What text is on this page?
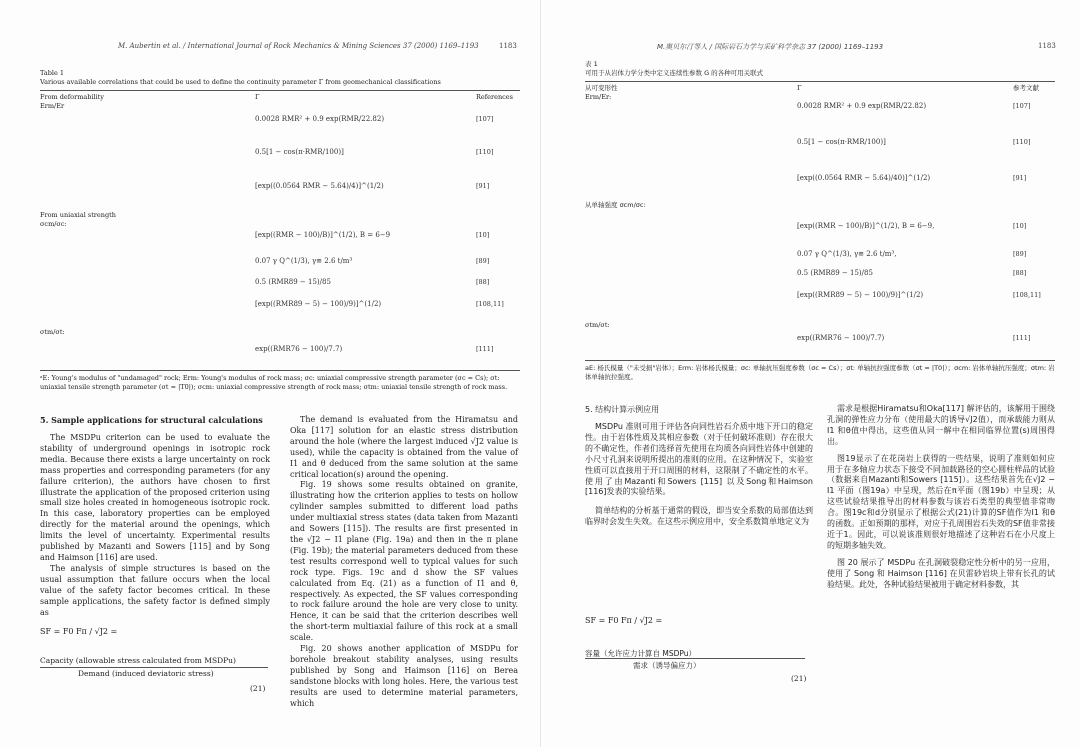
M. Aubertin et al. / International Journal of Rock Mechanics & Mining Sciences 37 (2000) 1169–1193	1183
Table 1
Various available correlations that could be used to define the continuity parameter Γ from geomechanical classifications
From deformability	Γ	References
Erm/Er
0.0028 RMR² + 0.9 exp(RMR/22.82)	[107]
0.5[1 − cos(π·RMR/100)]	[110]
[exp((0.0564 RMR − 5.64)/4)]^(1/2)	[91]
From uniaxial strength
σcm/σc:
[exp((RMR − 100)/B)]^(1/2), B = 6−9	[10]
0.07 γ Q^(1/3), γ≅ 2.6 t/m³	[89]
0.5 (RMR89 − 15)/85	[88]
[exp((RMR89 − 5) − 100)/9)]^(1/2)	[108,11]
σtm/σt:
exp((RMR76 − 100)/7.7)	[111]
ᵃE: Young's modulus of "undamaged" rock; Erm: Young's modulus of rock mass; σc: uniaxial compressive strength parameter (σc = Cs); σt: uniaxial tensile strength parameter (σt = |T0|); σcm: uniaxial compressive strength of rock mass; σtm: uniaxial tensile strength of rock mass.
5. Sample applications for structural calculations

The MSDPu criterion can be used to evaluate the stability of underground openings in isotropic rock media. Because there exists a large uncertainty on rock mass properties and corresponding parameters (for any failure criterion), the authors have chosen to first illustrate the application of the proposed criterion using small size holes created in homogeneous isotropic rock. In this case, laboratory properties can be employed directly for the material around the openings, which limits the level of uncertainty. Experimental results published by Mazanti and Sowers [115] and by Song and Haimson [116] are used.

The analysis of simple structures is based on the usual assumption that failure occurs when the local value of the safety factor becomes critical. In these sample applications, the safety factor is defined simply as

SF = F0 Fπ / √J2 =
Capacity (allowable stress calculated from MSDPu)
Demand (induced deviatoric stress)
(21)

The demand is evaluated from the Hiramatsu and Oka [117] solution for an elastic stress distribution around the hole (where the largest induced √J2 value is used), while the capacity is obtained from the value of I1 and θ deduced from the same solution at the same critical location(s) around the opening.

Fig. 19 shows some results obtained on granite, illustrating how the criterion applies to tests on hollow cylinder samples submitted to different load paths under multiaxial stress states (data taken from Mazanti and Sowers [115]). The results are first presented in the √J2 − I1 plane (Fig. 19a) and then in the π plane (Fig. 19b); the material parameters deduced from these test results correspond well to typical values for such rock type. Figs. 19c and d show the SF values calculated from Eq. (21) as a function of I1 and θ, respectively. As expected, the SF values corresponding to rock failure around the hole are very close to unity. Hence, it can be said that the criterion describes well the short-term multiaxial failure of this rock at a small scale.

Fig. 20 shows another application of MSDPu for borehole breakout stability analyses, using results published by Song and Haimson [116] on Berea sandstone blocks with long holes. Here, the various test results are used to determine material parameters, which

M.奥贝尔汀等人 / 国际岩石力学与采矿科学杂志 37 (2000) 1169–1193	1183
表 1
可用于从岩体力学分类中定义连续性参数 G 的各种可用关联式
从可变形性	Γ	参考文献
Erm/Er:
0.0028 RMR² + 0.9 exp(RMR/22.82)	[107]
0.5[1 − cos(π·RMR/100)]	[110]
[exp((0.0564 RMR − 5.64)/40)]^(1/2)	[91]
从单轴强度 σcm/σc:
[exp((RMR − 100)/B)]^(1/2), B = 6−9,	[10]
0.07 γ Q^(1/3), γ≅ 2.6 t/m³,	[89]
0.5 (RMR89 − 15)/85	[88]
[exp((RMR89 − 5) − 100)/9)]^(1/2)	[108,11]
σtm/σt:
exp((RMR76 − 100)/7.7)	[111]
aE: 杨氏模量（"未受损"岩体）；Erm: 岩体杨氏模量；σc: 单轴抗压强度参数（σc = Cs）；σt: 单轴抗拉强度参数（σt = |T0|）；σcm: 岩体单轴抗压强度；σtm: 岩体单轴抗拉强度。
5. 结构计算示例应用

MSDPu 准则可用于评估各向同性岩石介质中地下开口的稳定性。由于岩体性质及其相应参数（对于任何破坏准则）存在很大的不确定性，作者们选择首先使用在均质各向同性岩体中创建的小尺寸孔洞来说明所提出的准则的应用。在这种情况下，实验室性质可以直接用于开口周围的材料，这限制了不确定性的水平。使用了由Mazanti和Sowers [115] 以及Song和Haimson [116]发表的实验结果。

简单结构的分析基于通常的假设，即当安全系数的局部值达到临界时会发生失效。在这些示例应用中，安全系数简单地定义为

SF = F0 Fπ / √J2 =
容量（允许应力计算自 MSDPu）
需求（诱导偏应力）
(21)

需求是根据Hiramatsu和Oka[117] 解评估的，该解用于围绕孔洞的弹性应力分布（使用最大的诱导√J2值），而承载能力则从I1 和θ值中得出，这些值从同一解中在相同临界位置(s)周围得出。

图19显示了在花岗岩上获得的一些结果，说明了准则如何应用于在多轴应力状态下接受不同加载路径的空心圆柱样品的试验（数据来自Mazanti和Sowers [115]）。这些结果首先在√J2 − I1 平面（图19a）中呈现，然后在π平面（图19b）中呈现；从这些试验结果推导出的材料参数与该岩石类型的典型值非常吻合。图19c和d分别显示了根据公式(21)计算的SF值作为I1 和θ的函数。正如预期的那样，对应于孔周围岩石失效的SF值非常接近于1。因此，可以说该准则很好地描述了这种岩石在小尺度上的短期多轴失效。

图 20 展示了 MSDPu 在孔洞破裂稳定性分析中的另一应用，使用了 Song 和 Haimson [116] 在贝雷砂岩块上带有长孔的试验结果。此处，各种试验结果被用于确定材料参数，其
